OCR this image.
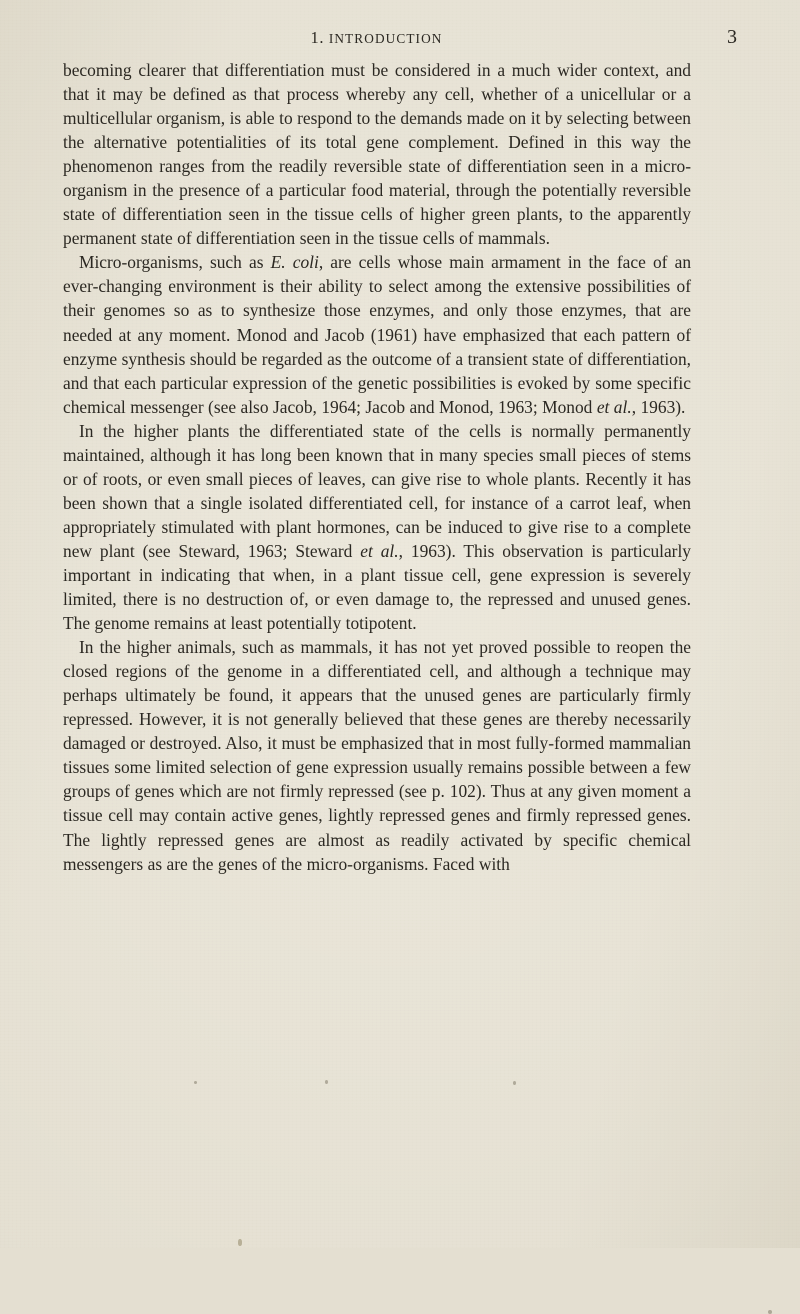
1. INTRODUCTION	3

becoming clearer that differentiation must be considered in a much wider context, and that it may be defined as that process whereby any cell, whether of a unicellular or a multicellular organism, is able to respond to the demands made on it by selecting between the alternative potentialities of its total gene complement. Defined in this way the phenomenon ranges from the readily reversible state of differentiation seen in a micro-organism in the presence of a particular food material, through the potentially reversible state of differentiation seen in the tissue cells of higher green plants, to the apparently permanent state of differentiation seen in the tissue cells of mammals.

Micro-organisms, such as E. coli, are cells whose main armament in the face of an ever-changing environment is their ability to select among the extensive possibilities of their genomes so as to synthesize those enzymes, and only those enzymes, that are needed at any moment. Monod and Jacob (1961) have emphasized that each pattern of enzyme synthesis should be regarded as the outcome of a transient state of differentiation, and that each particular expression of the genetic possibilities is evoked by some specific chemical messenger (see also Jacob, 1964; Jacob and Monod, 1963; Monod et al., 1963).

In the higher plants the differentiated state of the cells is normally permanently maintained, although it has long been known that in many species small pieces of stems or of roots, or even small pieces of leaves, can give rise to whole plants. Recently it has been shown that a single isolated differentiated cell, for instance of a carrot leaf, when appropriately stimulated with plant hormones, can be induced to give rise to a complete new plant (see Steward, 1963; Steward et al., 1963). This observation is particularly important in indicating that when, in a plant tissue cell, gene expression is severely limited, there is no destruction of, or even damage to, the repressed and unused genes. The genome remains at least potentially totipotent.

In the higher animals, such as mammals, it has not yet proved possible to reopen the closed regions of the genome in a differentiated cell, and although a technique may perhaps ultimately be found, it appears that the unused genes are particularly firmly repressed. However, it is not generally believed that these genes are thereby necessarily damaged or destroyed. Also, it must be emphasized that in most fully-formed mammalian tissues some limited selection of gene expression usually remains possible between a few groups of genes which are not firmly repressed (see p. 102). Thus at any given moment a tissue cell may contain active genes, lightly repressed genes and firmly repressed genes. The lightly repressed genes are almost as readily activated by specific chemical messengers as are the genes of the micro-organisms. Faced with
